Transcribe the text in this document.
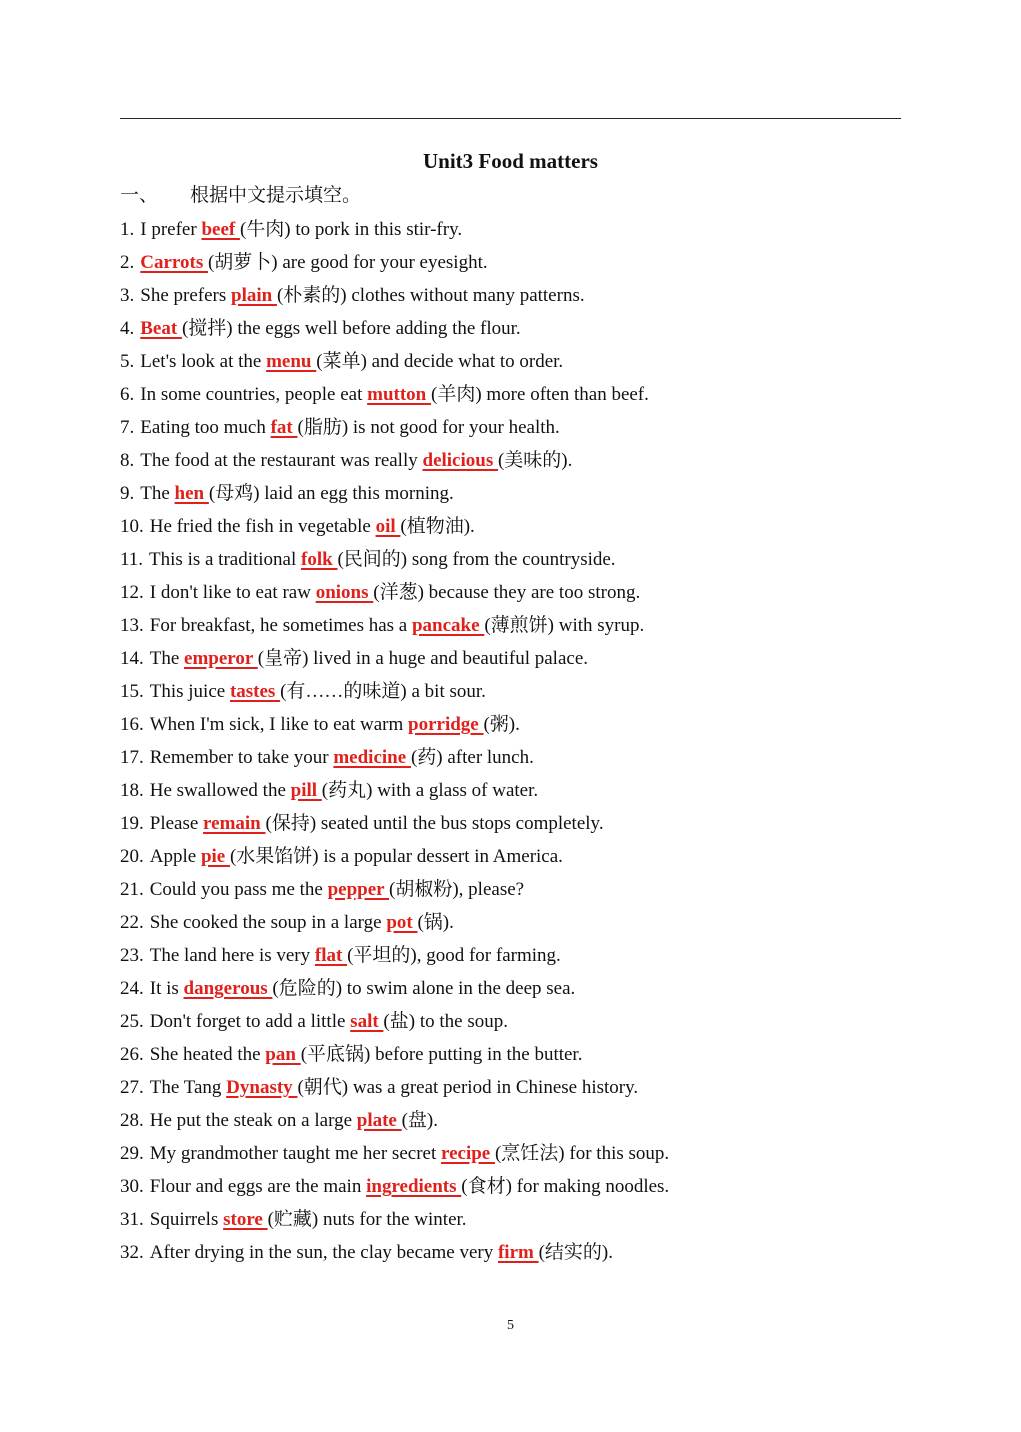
Unit3 Food matters
一、 根据中文提示填空。
1. I prefer beef (牛肉) to pork in this stir-fry.
2. Carrots (胡萝卜) are good for your eyesight.
3. She prefers plain (朴素的) clothes without many patterns.
4. Beat (搅拌) the eggs well before adding the flour.
5. Let's look at the menu (菜单) and decide what to order.
6. In some countries, people eat mutton (羊肉) more often than beef.
7. Eating too much fat (脂肪) is not good for your health.
8. The food at the restaurant was really delicious (美味的).
9. The hen (母鸡) laid an egg this morning.
10. He fried the fish in vegetable oil (植物油).
11. This is a traditional folk (民间的) song from the countryside.
12. I don't like to eat raw onions (洋葱) because they are too strong.
13. For breakfast, he sometimes has a pancake (薄煎饼) with syrup.
14. The emperor (皇帝) lived in a huge and beautiful palace.
15. This juice tastes (有……的味道) a bit sour.
16. When I'm sick, I like to eat warm porridge (粥).
17. Remember to take your medicine (药) after lunch.
18. He swallowed the pill (药丸) with a glass of water.
19. Please remain (保持) seated until the bus stops completely.
20. Apple pie (水果馅饼) is a popular dessert in America.
21. Could you pass me the pepper (胡椒粉), please?
22. She cooked the soup in a large pot (锅).
23. The land here is very flat (平坦的), good for farming.
24. It is dangerous (危险的) to swim alone in the deep sea.
25. Don't forget to add a little salt (盐) to the soup.
26. She heated the pan (平底锅) before putting in the butter.
27. The Tang Dynasty (朝代) was a great period in Chinese history.
28. He put the steak on a large plate (盘).
29. My grandmother taught me her secret recipe (烹饪法) for this soup.
30. Flour and eggs are the main ingredients (食材) for making noodles.
31. Squirrels store (贮藏) nuts for the winter.
32. After drying in the sun, the clay became very firm (结实的).
5
